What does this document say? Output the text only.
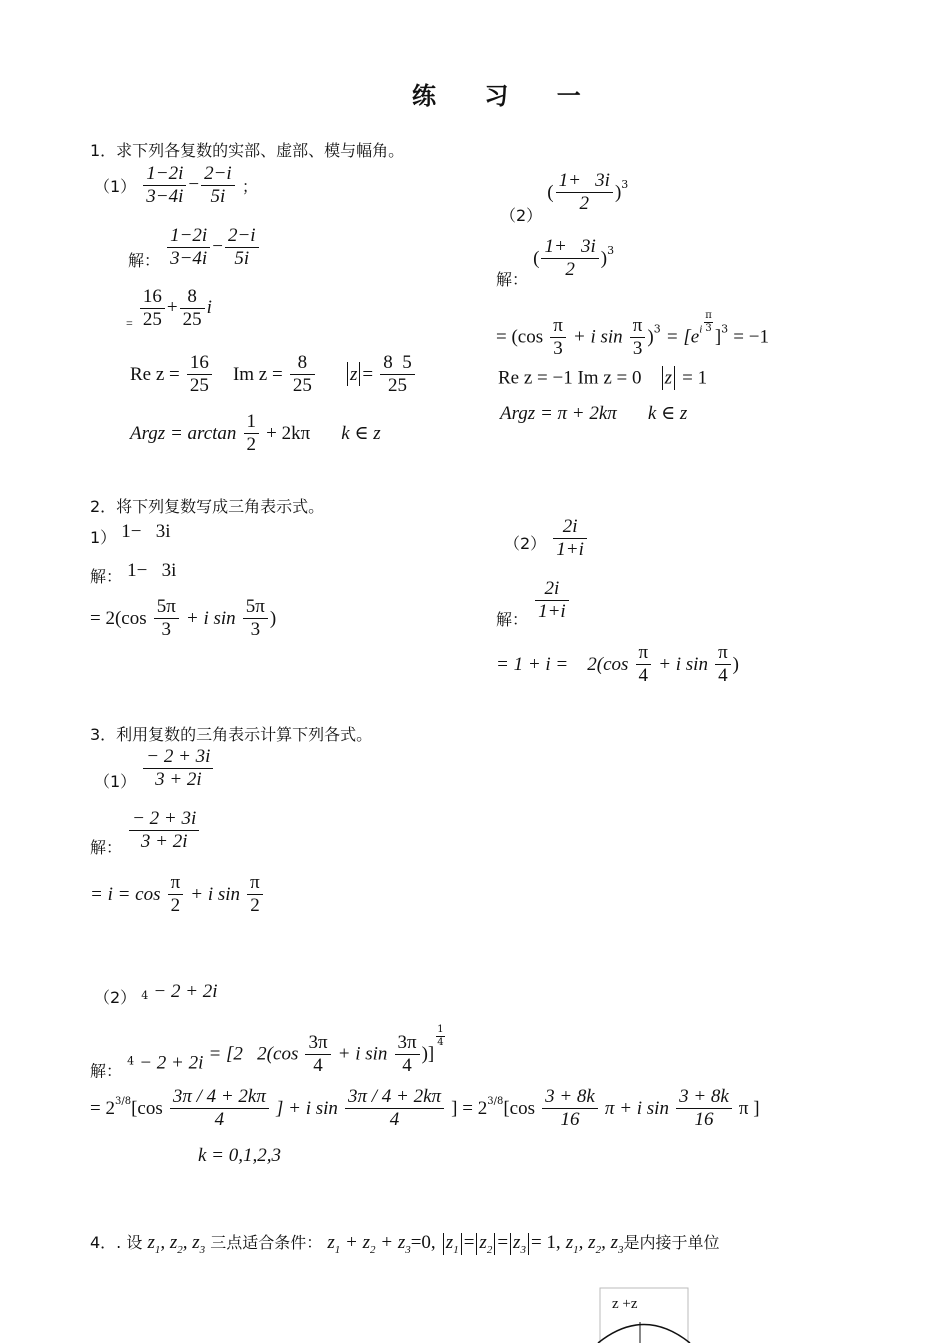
练 习 一
1．求下列各复数的实部、虚部、模与幅角。
$(1) \frac{1-2i}{3-4i} - \frac{2-i}{5i}$ ；
解： $\frac{1-2i}{3-4i} - \frac{2-i}{5i}$
$_= \frac{16}{25} + \frac{8}{25}$ i
Re $z = \frac{16}{25}$ Im $z = \frac{8}{25}$ $z = \frac{8 5}{25}$
Argz = $\arctan \frac{1}{2} + 2k\pi$ k ∈ z
（2） ( $\frac{1+ 3i}{2} )^3$
解： ( $\frac{1+ 3i}{2} )^3$
= ($\cos \frac{\pi}{3} + i$ $\sin \frac{\pi}{3} )^3 = [e^i \frac{\pi}{3}$
]$^3$ = −1
Re z = −1 Im z = 0 z = 1
Argz = π + 2kπ k ∈ z
2．将下列复数写成三角表示式。
1） 1−   3i
解： 1−   3i
= $2(\cos \frac{5\pi}{3} + i$ $\sin \frac{5\pi}{3}$ )
$(2) \frac{2i}{1+i}$
解： $\frac{2i}{1+i}$
= 1 + i =    $2(\cos \frac{\pi}{4} + i$ $\sin \frac{\pi}{4}$ )
3．利用复数的三角表示计算下列各式。
$(1) \frac{- 2 + 3i}{3 + 2i}$
解： $\frac{- 2 + 3i}{3 + 2i}$
= $i = \cos \frac{\pi}{2} + i$ $\sin \frac{\pi}{2}$
（2） 4 − 2 + 2i
解： $_4$ − 2 + 2i = [2   $2(\cos \frac{3\pi}{4} + i$ $\sin \frac{3\pi}{4}$ )]
$\frac{1}{4}$
= $2^{3/8}[\cos \frac{3\pi / 4 + 2k\pi}{4}$ ] + i $\sin \frac{3\pi / 4 + 2k\pi}{4}$ ] = $2^{3/8}[\cos \frac{3 + 8k}{16}$ π + i $\sin \frac{3 + 8k}{16}$ π ]
k = 0,1,2,3
4．. 设 $z_1$, $z_2$, $z_3$ 三点适合条件： $z_1 + z_2 + z_3=0$, $z_1 = z_2 = z_3 = 1$, $z_1$, $z_2$, $z_3$是内接于单位
z +z
